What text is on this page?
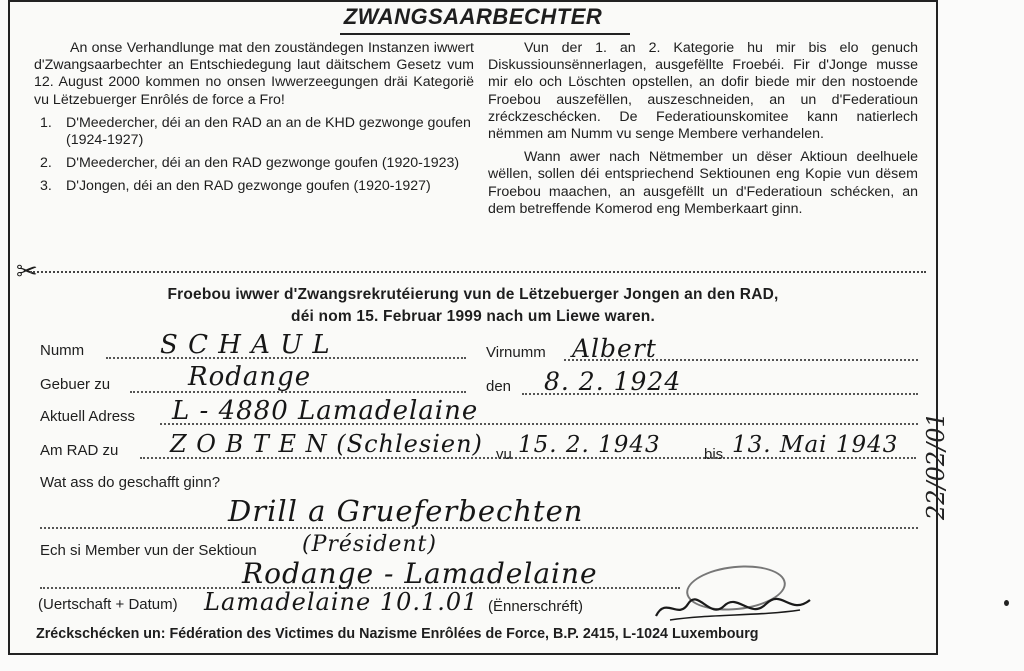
ZWANGSAARBECHTER

An onse Verhandlunge mat den zouständegen Instanzen iwwert d'Zwangsaarbechter an Entschiedegung laut däitschem Gesetz vum 12. August 2000 kommen no onsen Iwwerzeegungen dräi Kategorië vu Lëtzebuerger Enrôlés de force a Fro!

1. D'Meedercher, déi an den RAD an an de KHD gezwonge goufen (1924-1927)
2. D'Meedercher, déi an den RAD gezwonge goufen (1920-1923)
3. D'Jongen, déi an den RAD gezwonge goufen (1920-1927)

Vun der 1. an 2. Kategorie hu mir bis elo genuch Diskussiounsënnerlagen, ausgefëllte Froebéi. Fir d'Jonge musse mir elo och Löschten opstellen, an dofir biede mir den nostoende Froebou auszefëllen, auszeschneiden, an un d'Federatioun zréckzeschécken. De Federatiounskomitee kann natierlech nëmmen am Numm vu senge Membere verhandelen.

Wann awer nach Nëtmember un dëser Aktioun deelhuele wëllen, sollen déi entspriechend Sektiounen eng Kopie vun dësem Froebou maachen, an ausgefëllt un d'Federatioun schécken, an dem betreffende Komerod eng Memberkaart ginn.

✂
Froebou iwwer d'Zwangsrekrutéierung vun de Lëtzebuerger Jongen an den RAD,
déi nom 15. Februar 1999 nach um Liewe waren.
Numm	S C H A U L	Virnumm Albert
Gebuer zu	Rodange	den 8. 2. 1924
Aktuell Adress L - 4880 Lamadelaine
Am RAD zu Z O B T E N (Schlesien) vu 15. 2. 1943	bis 13. Mai 1943
Wat ass do geschafft ginn?
Drill a Grueferbechten
Ech si Member vun der Sektioun (Président)
Rodange - Lamadelaine
(Uertschaft + Datum) Lamadelaine 10.1.01 (Ënnerschréft)
Zréckschécken un: Fédération des Victimes du Nazisme Enrôlées de Force, B.P. 2415, L-1024 Luxembourg
22/02/01
